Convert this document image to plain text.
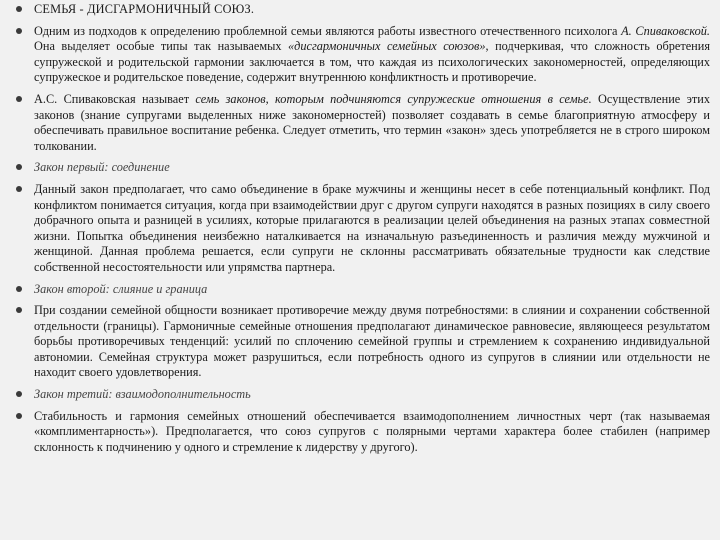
СЕМЬЯ - ДИСГАРМОНИЧНЫЙ СОЮЗ.
Одним из подходов к определению проблемной семьи являются работы известного отечественного психолога А. Спиваковской. Она выделяет особые типы так называемых «дисгармоничных семейных союзов», подчеркивая, что сложность обретения супружеской и родительской гармонии заключается в том, что каждая из психологических закономерностей, определяющих супружеское и родительское поведение, содержит внутреннюю конфликтность и противоречие.
А.С. Спиваковская называет семь законов, которым подчиняются супружеские отношения в семье. Осуществление этих законов (знание супругами выделенных ниже закономерностей) позволяет создавать в семье благоприятную атмосферу и обеспечивать правильное воспитание ребенка. Следует отметить, что термин «закон» здесь употребляется не в строго широком толковании.
Закон первый: соединение
Данный закон предполагает, что само объединение в браке мужчины и женщины несет в себе потенциальный конфликт. Под конфликтом понимается ситуация, когда при взаимодействии друг с другом супруги находятся в разных позициях в силу своего добрачного опыта и разницей в усилиях, которые прилагаются в реализации целей объединения на разных этапах совместной жизни. Попытка объединения неизбежно наталкивается на изначальную разъединенность и различия между мужчиной и женщиной. Данная проблема решается, если супруги не склонны рассматривать обязательные трудности как следствие собственной несостоятельности или упрямства партнера.
Закон второй: слияние и граница
При создании семейной общности возникает противоречие между двумя потребностями: в слиянии и сохранении собственной отдельности (границы). Гармоничные семейные отношения предполагают динамическое равновесие, являющееся результатом борьбы противоречивых тенденций: усилий по сплочению семейной группы и стремлением к сохранению индивидуальной автономии. Семейная структура может разрушиться, если потребность одного из супругов в слиянии или отдельности не находит своего удовлетворения.
Закон третий: взаимодополнительность
Стабильность и гармония семейных отношений обеспечивается взаимодополнением личностных черт (так называемая «комплиментарность»). Предполагается, что союз супругов с полярными чертами характера более стабилен (например склонность к подчинению у одного и стремление к лидерству у другого).
